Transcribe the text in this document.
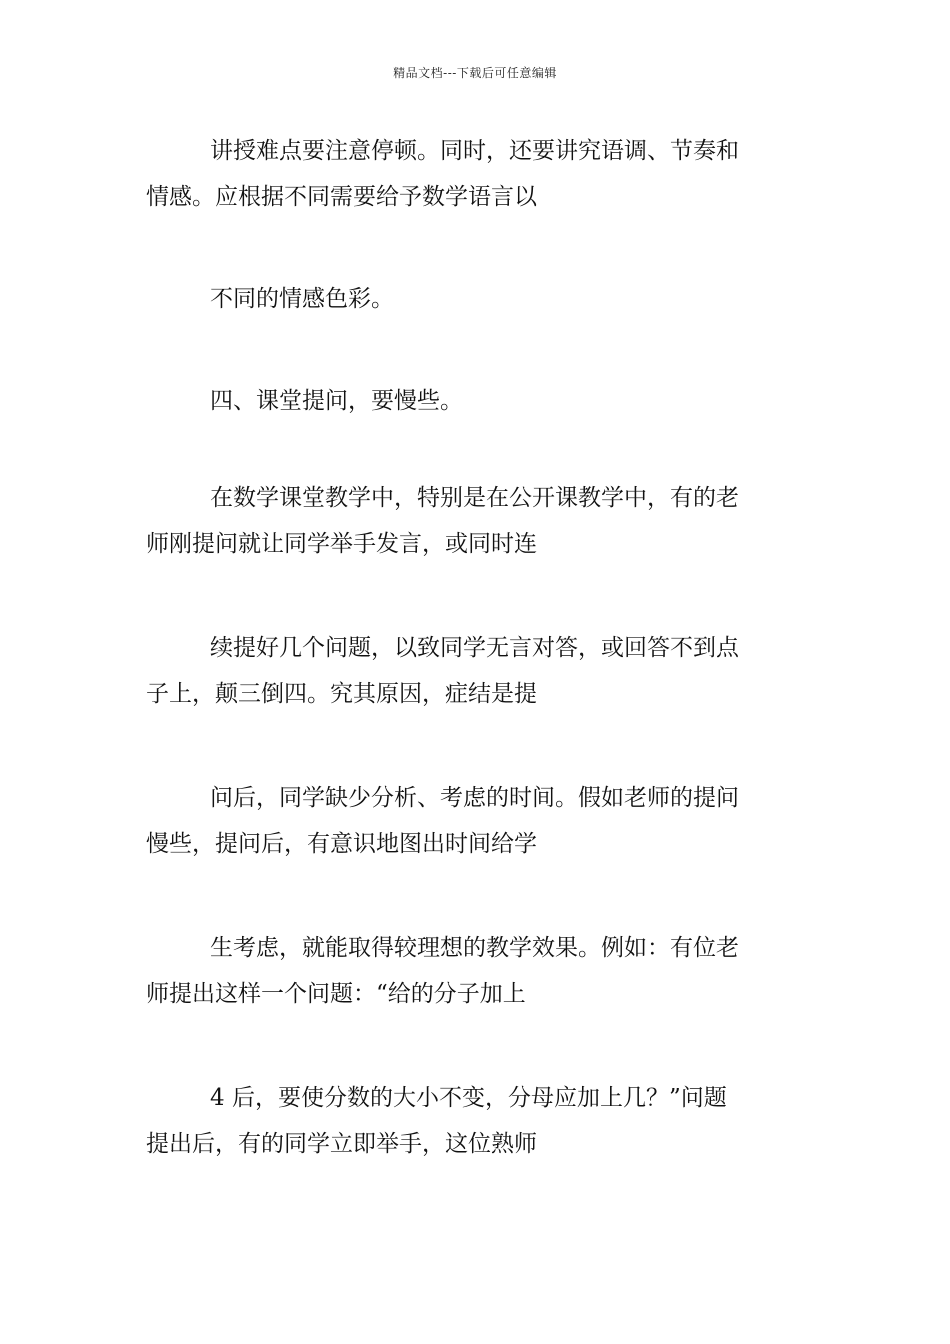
精品文档---下载后可任意编辑
讲授难点要注意停顿。同时，还要讲究语调、节奏和
情感。应根据不同需要给予数学语言以
不同的情感色彩。
四、课堂提问，要慢些。
在数学课堂教学中，特别是在公开课教学中，有的老
师刚提问就让同学举手发言，或同时连
续提好几个问题，以致同学无言对答，或回答不到点
子上，颠三倒四。究其原因，症结是提
问后，同学缺少分析、考虑的时间。假如老师的提问
慢些，提问后，有意识地图出时间给学
生考虑，就能取得较理想的教学效果。例如：有位老
师提出这样一个问题：“给的分子加上
4 后，要使分数的大小不变，分母应加上几？”问题
提出后，有的同学立即举手，这位熟师
